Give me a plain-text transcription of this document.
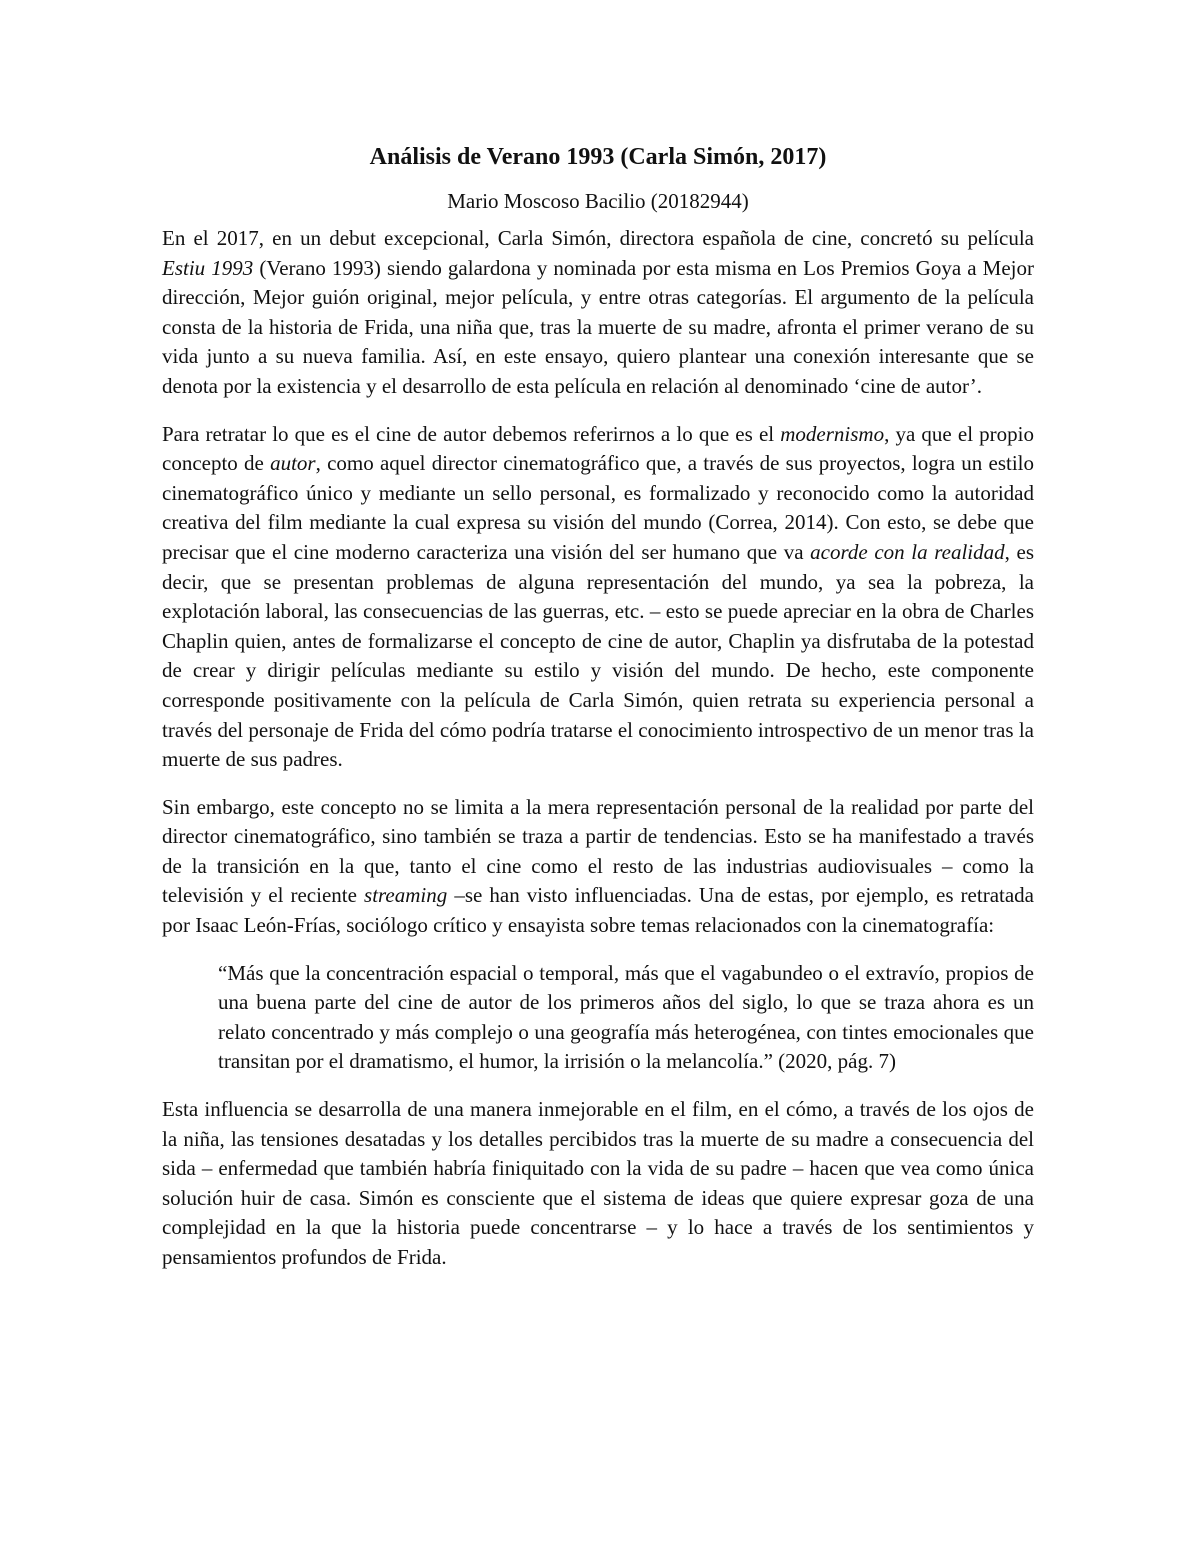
Análisis de Verano 1993 (Carla Simón, 2017)
Mario Moscoso Bacilio (20182944)

En el 2017, en un debut excepcional, Carla Simón, directora española de cine, concretó su película Estiu 1993 (Verano 1993) siendo galardona y nominada por esta misma en Los Premios Goya a Mejor dirección, Mejor guión original, mejor película, y entre otras categorías. El argumento de la película consta de la historia de Frida, una niña que, tras la muerte de su madre, afronta el primer verano de su vida junto a su nueva familia. Así, en este ensayo, quiero plantear una conexión interesante que se denota por la existencia y el desarrollo de esta película en relación al denominado ‘cine de autor’.

Para retratar lo que es el cine de autor debemos referirnos a lo que es el modernismo, ya que el propio concepto de autor, como aquel director cinematográfico que, a través de sus proyectos, logra un estilo cinematográfico único y mediante un sello personal, es formalizado y reconocido como la autoridad creativa del film mediante la cual expresa su visión del mundo (Correa, 2014). Con esto, se debe que precisar que el cine moderno caracteriza una visión del ser humano que va acorde con la realidad, es decir, que se presentan problemas de alguna representación del mundo, ya sea la pobreza, la explotación laboral, las consecuencias de las guerras, etc. – esto se puede apreciar en la obra de Charles Chaplin quien, antes de formalizarse el concepto de cine de autor, Chaplin ya disfrutaba de la potestad de crear y dirigir películas mediante su estilo y visión del mundo. De hecho, este componente corresponde positivamente con la película de Carla Simón, quien retrata su experiencia personal a través del personaje de Frida del cómo podría tratarse el conocimiento introspectivo de un menor tras la muerte de sus padres.

Sin embargo, este concepto no se limita a la mera representación personal de la realidad por parte del director cinematográfico, sino también se traza a partir de tendencias. Esto se ha manifestado a través de la transición en la que, tanto el cine como el resto de las industrias audiovisuales – como la televisión y el reciente streaming –se han visto influenciadas. Una de estas, por ejemplo, es retratada por Isaac León-Frías, sociólogo crítico y ensayista sobre temas relacionados con la cinematografía:

“Más que la concentración espacial o temporal, más que el vagabundeo o el extravío, propios de una buena parte del cine de autor de los primeros años del siglo, lo que se traza ahora es un relato concentrado y más complejo o una geografía más heterogénea, con tintes emocionales que transitan por el dramatismo, el humor, la irrisión o la melancolía.” (2020, pág. 7)

Esta influencia se desarrolla de una manera inmejorable en el film, en el cómo, a través de los ojos de la niña, las tensiones desatadas y los detalles percibidos tras la muerte de su madre a consecuencia del sida – enfermedad que también habría finiquitado con la vida de su padre – hacen que vea como única solución huir de casa. Simón es consciente que el sistema de ideas que quiere expresar goza de una complejidad en la que la historia puede concentrarse – y lo hace a través de los sentimientos y pensamientos profundos de Frida.
